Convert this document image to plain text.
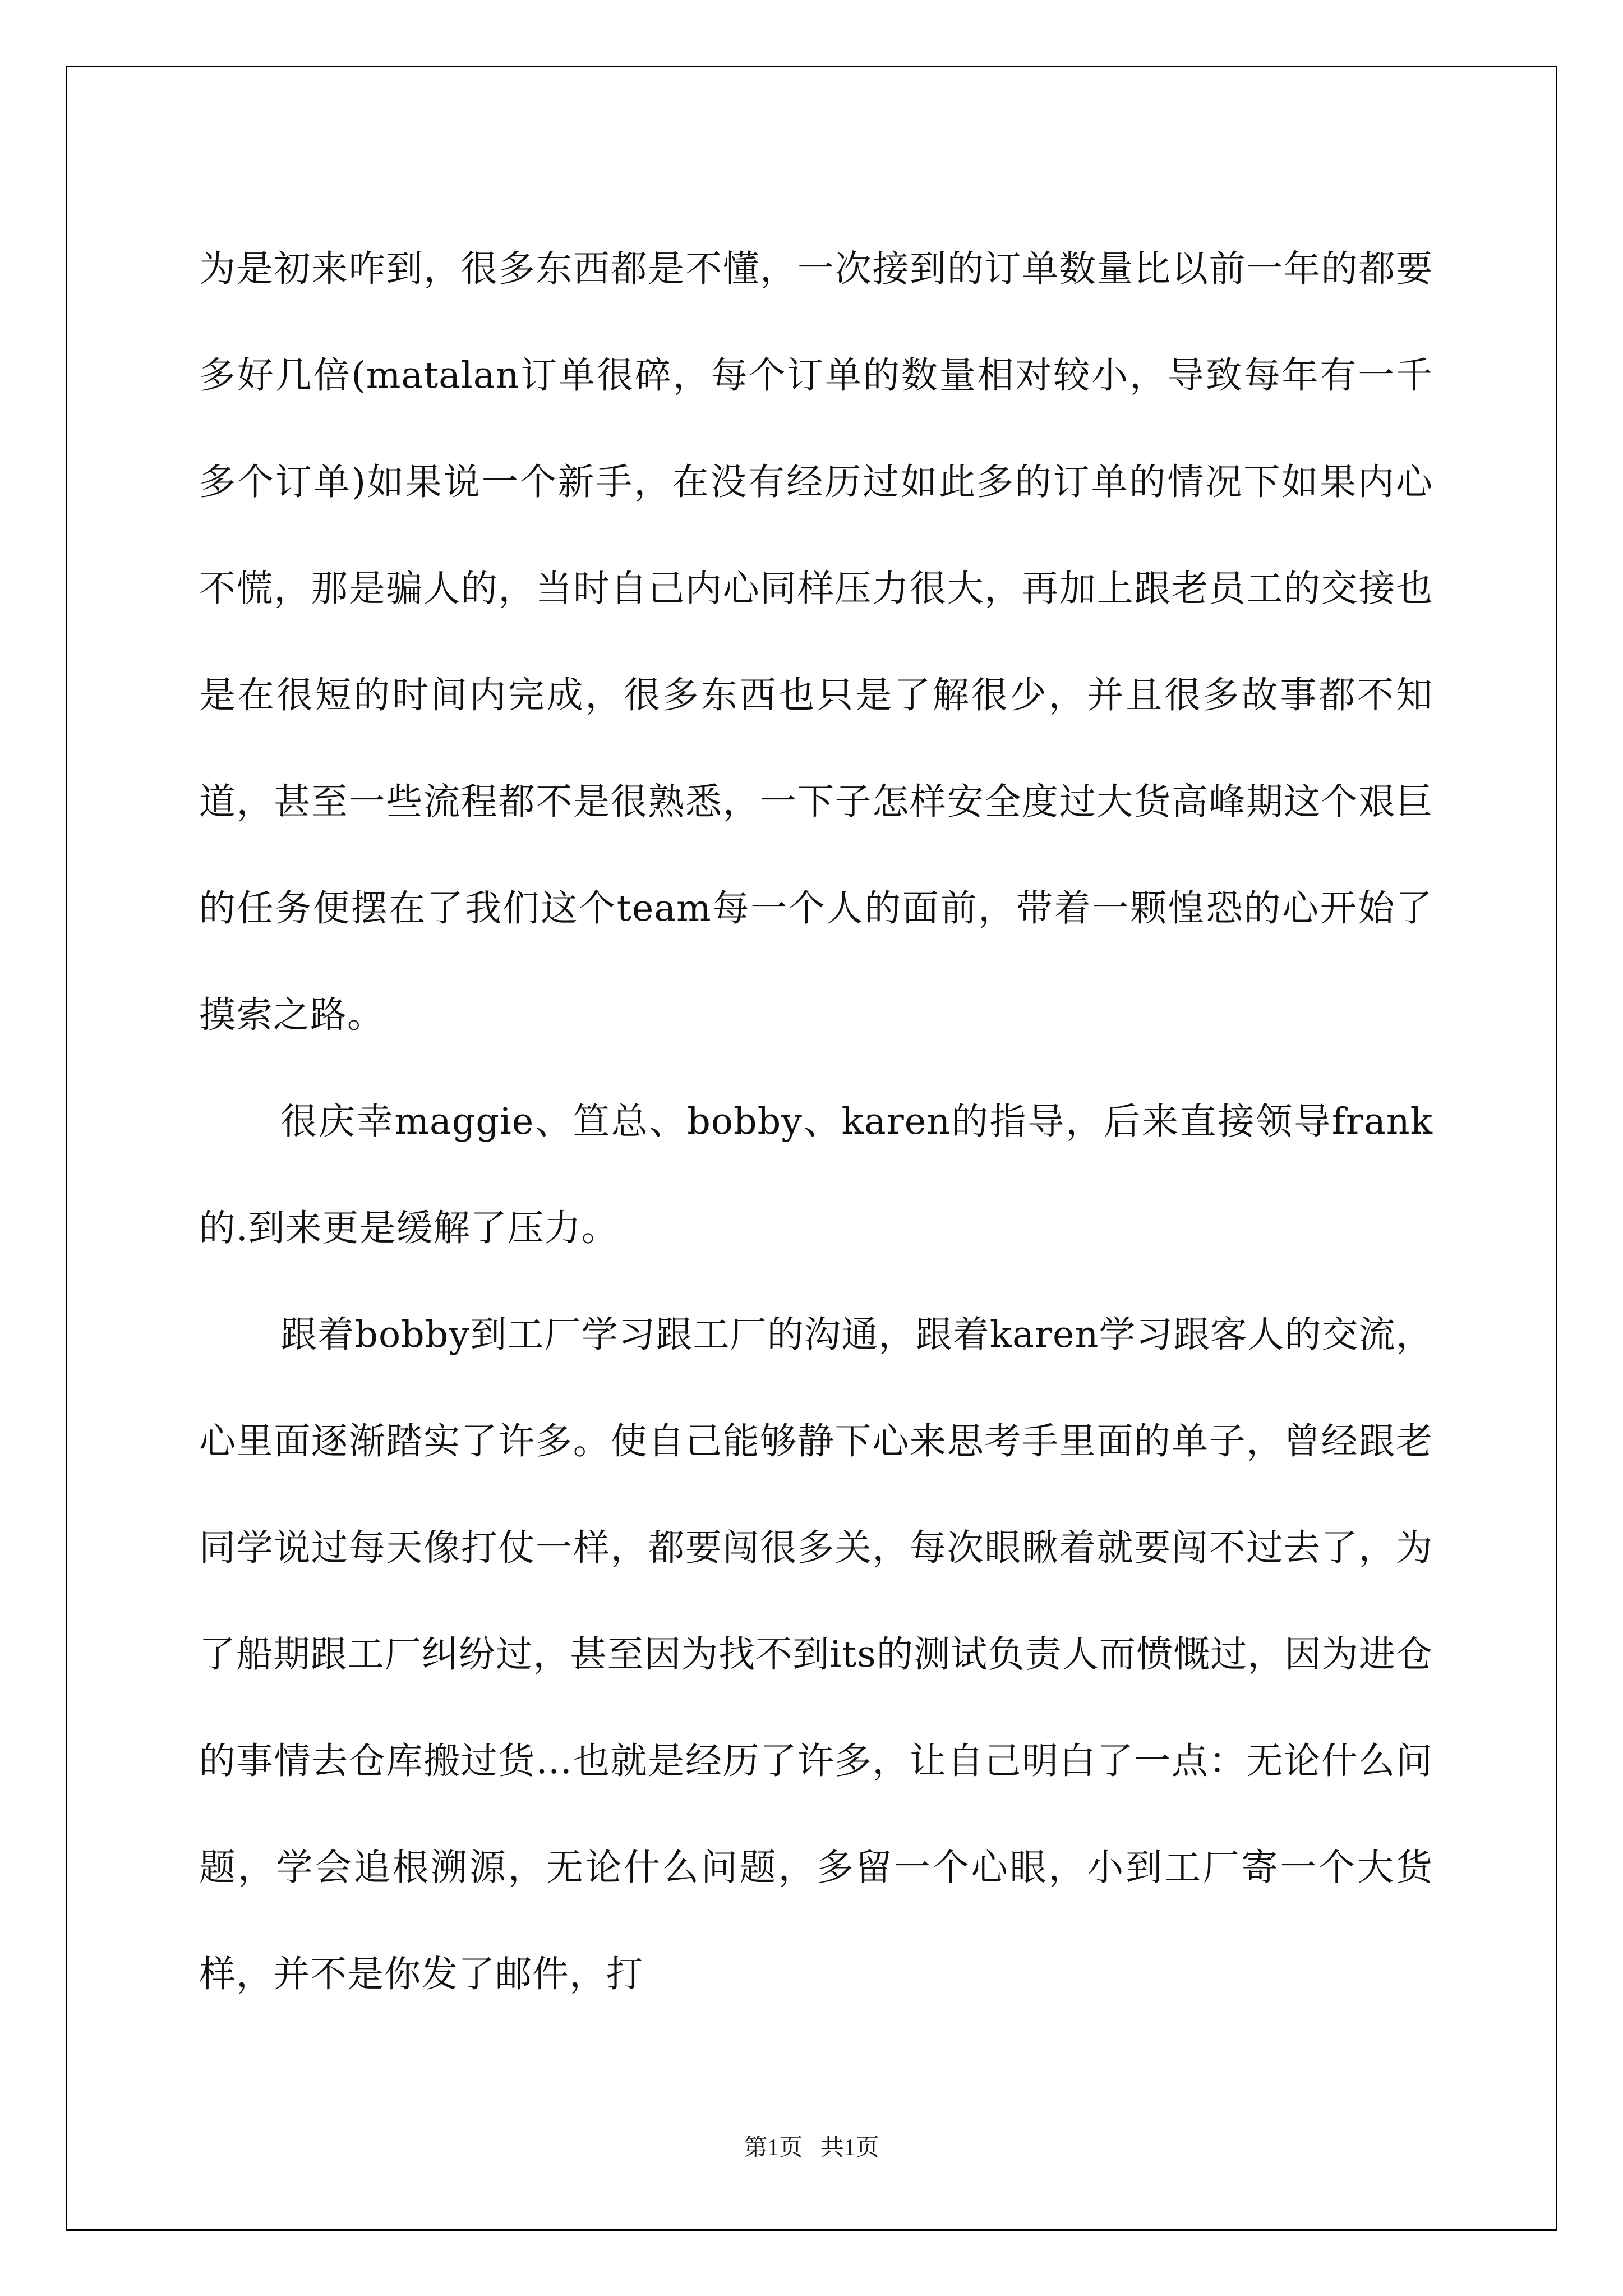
为是初来咋到，很多东西都是不懂，一次接到的订单数量比以前一年的都要多好几倍(matalan订单很碎，每个订单的数量相对较小，导致每年有一千多个订单)如果说一个新手，在没有经历过如此多的订单的情况下如果内心不慌，那是骗人的，当时自己内心同样压力很大，再加上跟老员工的交接也是在很短的时间内完成，很多东西也只是了解很少，并且很多故事都不知道，甚至一些流程都不是很熟悉，一下子怎样安全度过大货高峰期这个艰巨的任务便摆在了我们这个team每一个人的面前，带着一颗惶恐的心开始了摸索之路。

很庆幸maggie、笪总、bobby、karen的指导，后来直接领导frank的.到来更是缓解了压力。

跟着bobby到工厂学习跟工厂的沟通，跟着karen学习跟客人的交流，心里面逐渐踏实了许多。使自己能够静下心来思考手里面的单子，曾经跟老同学说过每天像打仗一样，都要闯很多关，每次眼瞅着就要闯不过去了，为了船期跟工厂纠纷过，甚至因为找不到its的测试负责人而愤慨过，因为进仓的事情去仓库搬过货…也就是经历了许多，让自己明白了一点：无论什么问题，学会追根溯源，无论什么问题，多留一个心眼，小到工厂寄一个大货样，并不是你发了邮件，打

第1页   共1页
